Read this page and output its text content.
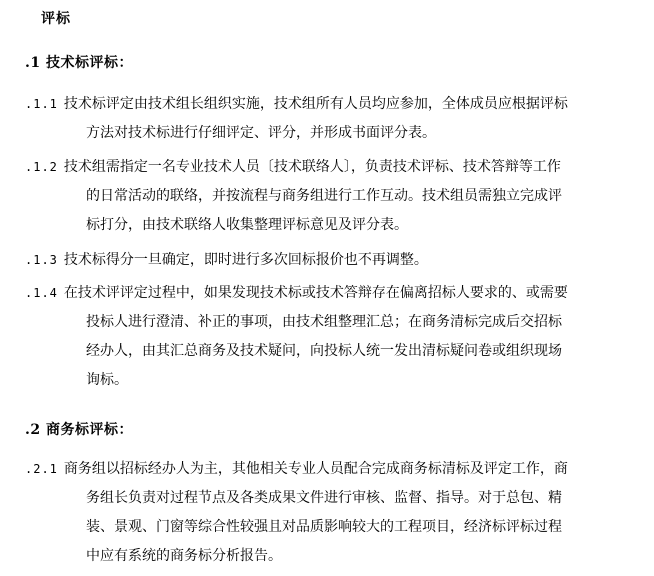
评标
.1 技术标评标：
.1.1 技术标评定由技术组长组织实施，技术组所有人员均应参加，全体成员应根据评标
方法对技术标进行仔细评定、评分，并形成书面评分表。
.1.2 技术组需指定一名专业技术人员〔技术联络人〕，负责技术评标、技术答辩等工作
的日常活动的联络，并按流程与商务组进行工作互动。技术组员需独立完成评
标打分，由技术联络人收集整理评标意见及评分表。
.1.3 技术标得分一旦确定，即时进行多次回标报价也不再调整。
.1.4 在技术评评定过程中，如果发现技术标或技术答辩存在偏离招标人要求的、或需要
投标人进行澄清、补正的事项，由技术组整理汇总；在商务清标完成后交招标
经办人，由其汇总商务及技术疑问，向投标人统一发出清标疑问卷或组织现场
询标。
.2 商务标评标：
.2.1 商务组以招标经办人为主，其他相关专业人员配合完成商务标清标及评定工作，商
务组长负责对过程节点及各类成果文件进行审核、监督、指导。对于总包、精
装、景观、门窗等综合性较强且对品质影响较大的工程项目，经济标评标过程
中应有系统的商务标分析报告。
